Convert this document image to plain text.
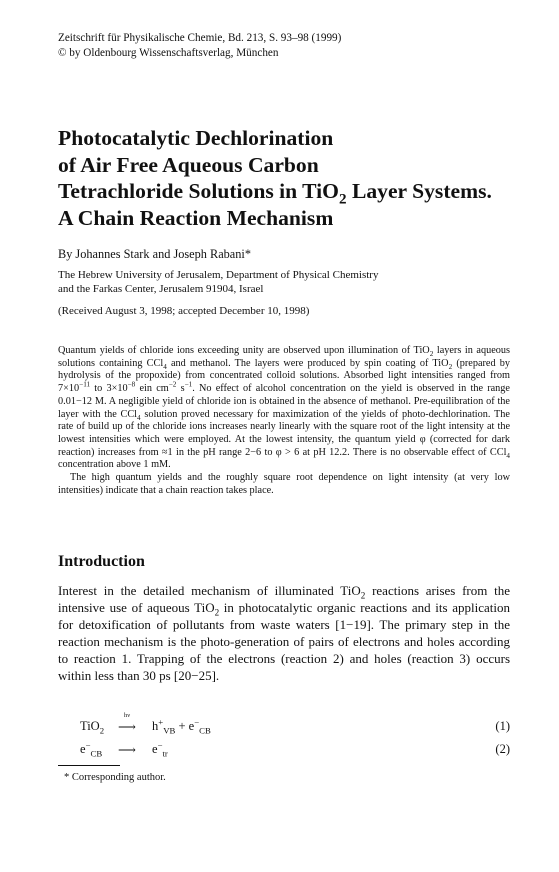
Zeitschrift für Physikalische Chemie, Bd. 213, S. 93–98 (1999)
© by Oldenbourg Wissenschaftsverlag, München
Photocatalytic Dechlorination
of Air Free Aqueous Carbon
Tetrachloride Solutions in TiO$_2$ Layer Systems.
A Chain Reaction Mechanism
By Johannes Stark and Joseph Rabani*
The Hebrew University of Jerusalem, Department of Physical Chemistry
and the Farkas Center, Jerusalem 91904, Israel
(Received August 3, 1998; accepted December 10, 1998)

Quantum yields of chloride ions exceeding unity are observed upon illumination of TiO$_2$ layers in aqueous solutions containing CCl$_4$ and methanol. The layers were produced by spin coating of TiO$_2$ (prepared by hydrolysis of the propoxide) from concentrated colloid solutions. Absorbed light intensities ranged from $7\times 10^{-11}$ to $3\times 10^{-8}$ ein $cm^{-2}$ $s^{-1}$. No effect of alcohol concentration on the yield is observed in the range 0.01−12 M. A negligible yield of chloride ion is obtained in the absence of methanol. Pre-equilibration of the layer with the CCl$_4$ solution proved necessary for maximization of the yields of photo-dechlorination. The rate of build up of the chloride ions increases nearly linearly with the square root of the light intensity at the lowest intensities which were employed. At the lowest intensity, the quantum yield φ (corrected for dark reaction) increases from ≈1 in the pH range 2−6 to φ > 6 at pH 12.2. There is no observable effect of CCl$_4$ concentration above 1 mM.

The high quantum yields and the roughly square root dependence on light intensity (at very low intensities) indicate that a chain reaction takes place.

Introduction

Interest in the detailed mechanism of illuminated TiO$_2$ reactions arises from the intensive use of aqueous TiO$_2$ in photocatalytic organic reactions and its application for detoxification of pollutants from waste waters [1−19]. The primary step in the reaction mechanism is the photo-generation of pairs of electrons and holes according to reaction 1. Trapping of the electrons (reaction 2) and holes (reaction 3) occurs within less than 30 ps [20−25].

TiO$_2$
hν
⟶ $h^+_{VB} + e^-_{CB}$	(1)
$e^-_{CB}$ ⟶ $e^-_{tr}$	(2)
* Corresponding author.
